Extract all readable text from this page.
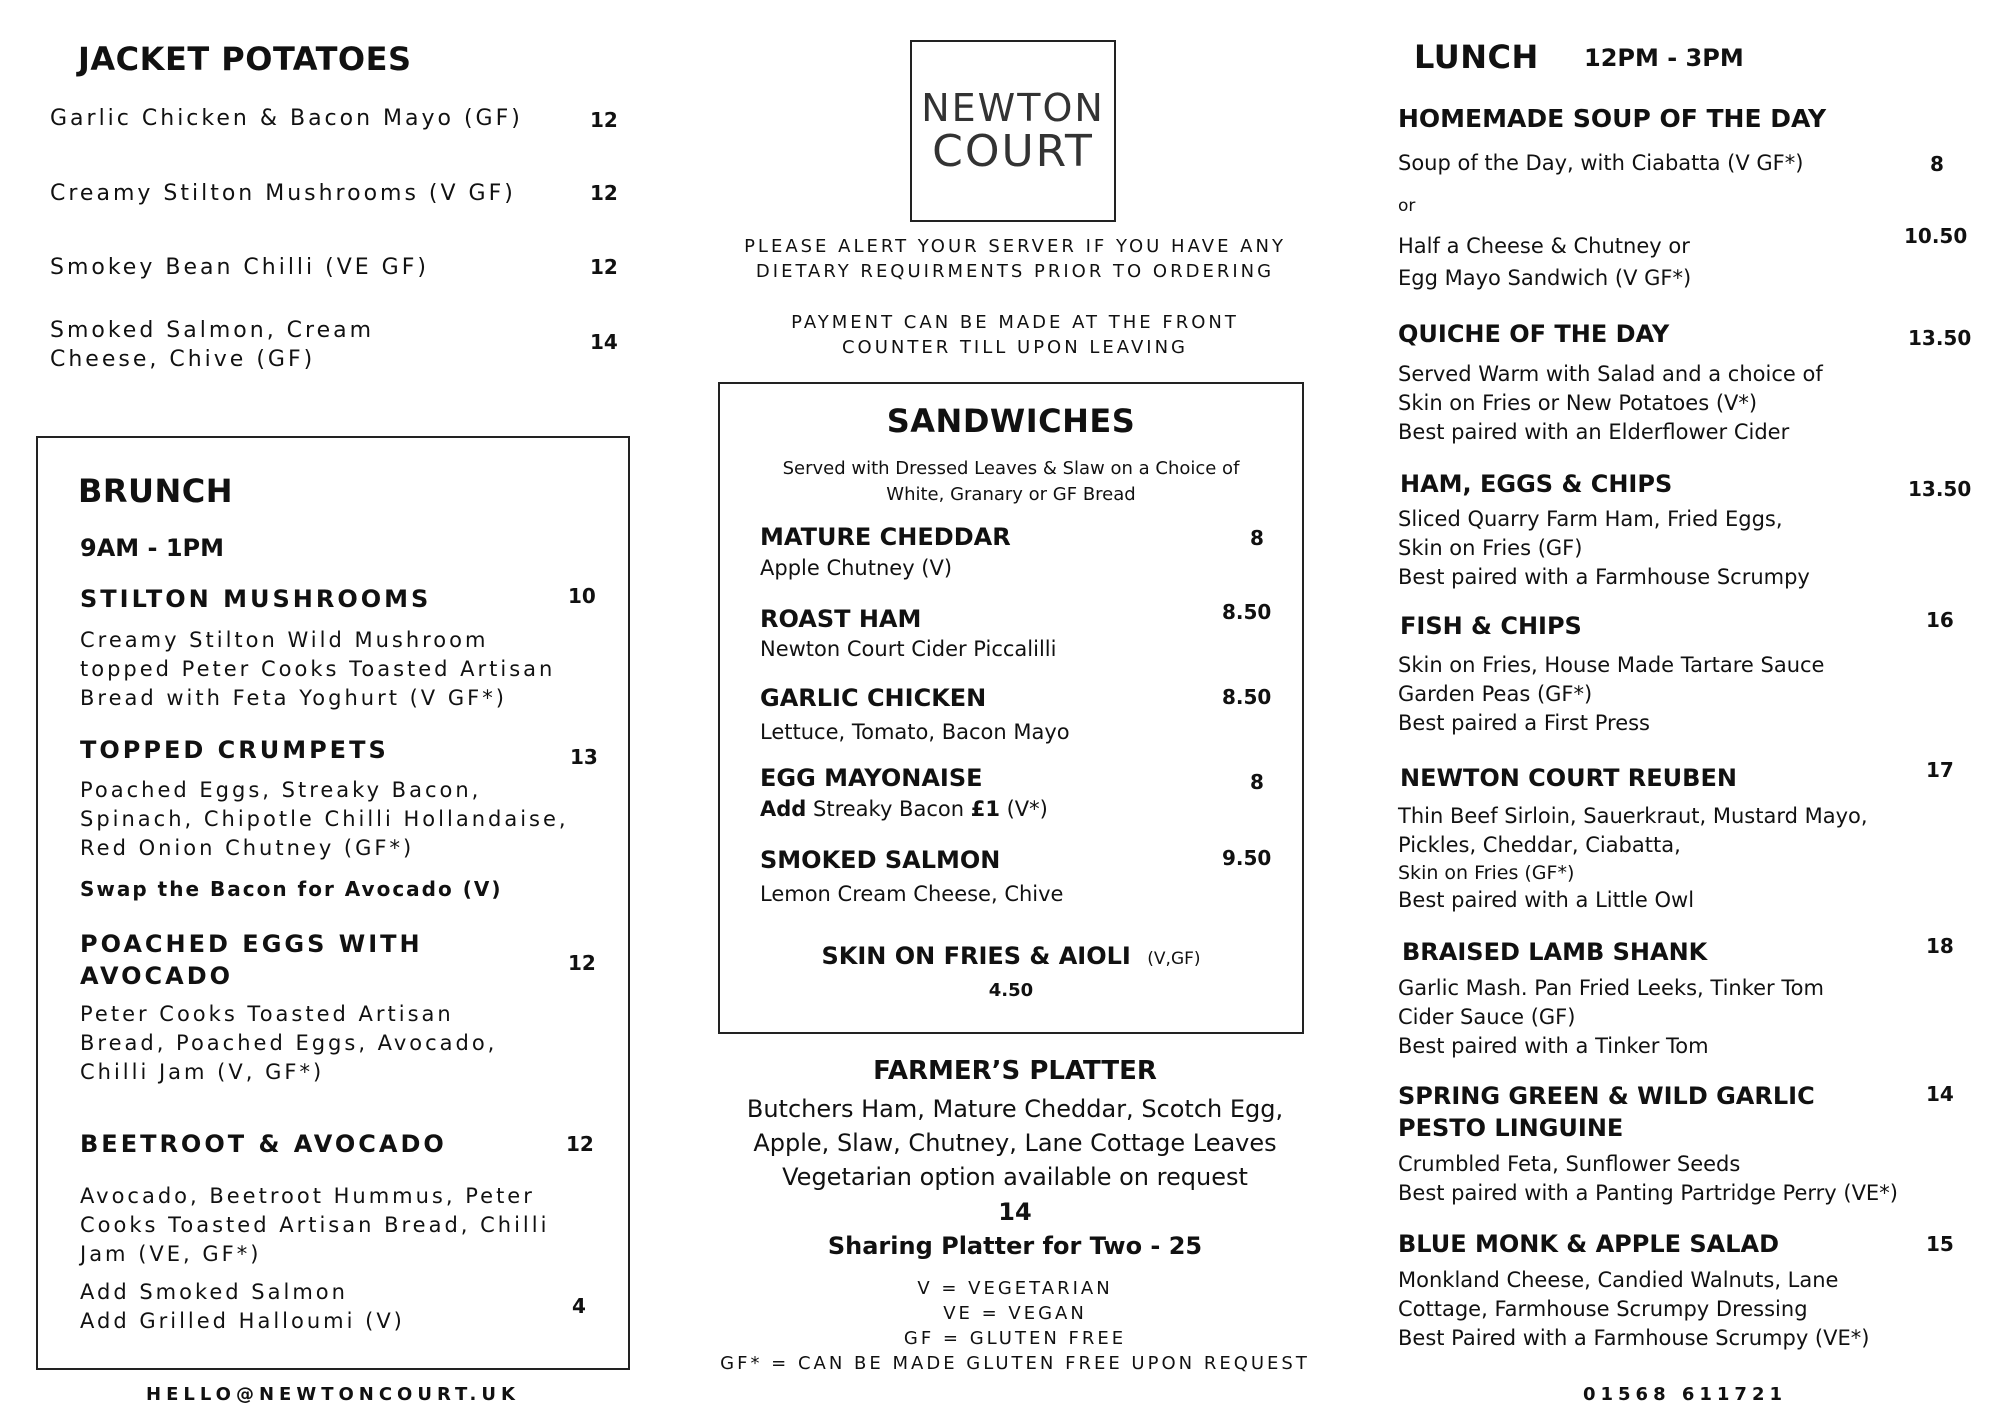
JACKET POTATOES
Garlic Chicken & Bacon Mayo (GF)	12
Creamy Stilton Mushrooms (V GF)	12
Smokey Bean Chilli (VE GF)	12
Smoked Salmon, Cream
Cheese, Chive (GF)
14
BRUNCH
9AM - 1PM
STILTON MUSHROOMS	10
Creamy Stilton Wild Mushroom
topped Peter Cooks Toasted Artisan
Bread with Feta Yoghurt (V GF*)
TOPPED CRUMPETS	13
Poached Eggs, Streaky Bacon,
Spinach, Chipotle Chilli Hollandaise,
Red Onion Chutney (GF*)
Swap the Bacon for Avocado (V)
POACHED EGGS WITH
AVOCADO	12
Peter Cooks Toasted Artisan
Bread, Poached Eggs, Avocado,
Chilli Jam (V, GF*)
BEETROOT & AVOCADO	12
Avocado, Beetroot Hummus, Peter
Cooks Toasted Artisan Bread, Chilli
Jam (VE, GF*)
Add Smoked Salmon
Add Grilled Halloumi (V)
4
HELLO@NEWTONCOURT.UK
NEWTON
COURT
PLEASE ALERT YOUR SERVER IF YOU HAVE ANY
DIETARY REQUIRMENTS PRIOR TO ORDERING
PAYMENT CAN BE MADE AT THE FRONT
COUNTER TILL UPON LEAVING
SANDWICHES
Served with Dressed Leaves & Slaw on a Choice of
White, Granary or GF Bread
MATURE CHEDDAR	8
Apple Chutney (V)
ROAST HAM	8.50
Newton Court Cider Piccalilli
GARLIC CHICKEN	8.50
Lettuce, Tomato, Bacon Mayo
EGG MAYONAISE	8
Add Streaky Bacon £1 (V*)
SMOKED SALMON	9.50
Lemon Cream Cheese, Chive
SKIN ON FRIES & AIOLI (V,GF)
4.50
FARMER’S PLATTER
Butchers Ham, Mature Cheddar, Scotch Egg,
Apple, Slaw, Chutney, Lane Cottage Leaves
Vegetarian option available on request
14
Sharing Platter for Two - 25
V = VEGETARIAN
VE = VEGAN
GF = GLUTEN FREE
GF* = CAN BE MADE GLUTEN FREE UPON REQUEST
LUNCH 12PM - 3PM
HOMEMADE SOUP OF THE DAY
Soup of the Day, with Ciabatta (V GF*)	8
or
Half a Cheese & Chutney or
Egg Mayo Sandwich (V GF*)
10.50
QUICHE OF THE DAY	13.50
Served Warm with Salad and a choice of
Skin on Fries or New Potatoes (V*)
Best paired with an Elderflower Cider
HAM, EGGS & CHIPS	13.50
Sliced Quarry Farm Ham, Fried Eggs,
Skin on Fries (GF)
Best paired with a Farmhouse Scrumpy
FISH & CHIPS	16
Skin on Fries, House Made Tartare Sauce
Garden Peas (GF*)
Best paired a First Press
NEWTON COURT REUBEN	17
Thin Beef Sirloin, Sauerkraut, Mustard Mayo,
Pickles, Cheddar, Ciabatta,
Skin on Fries (GF*)
Best paired with a Little Owl
BRAISED LAMB SHANK	18
Garlic Mash. Pan Fried Leeks, Tinker Tom
Cider Sauce (GF)
Best paired with a Tinker Tom
SPRING GREEN & WILD GARLIC
PESTO LINGUINE
14
Crumbled Feta, Sunflower Seeds
Best paired with a Panting Partridge Perry (VE*)
BLUE MONK & APPLE SALAD	15
Monkland Cheese, Candied Walnuts, Lane
Cottage, Farmhouse Scrumpy Dressing
Best Paired with a Farmhouse Scrumpy (VE*)
01568 611721
